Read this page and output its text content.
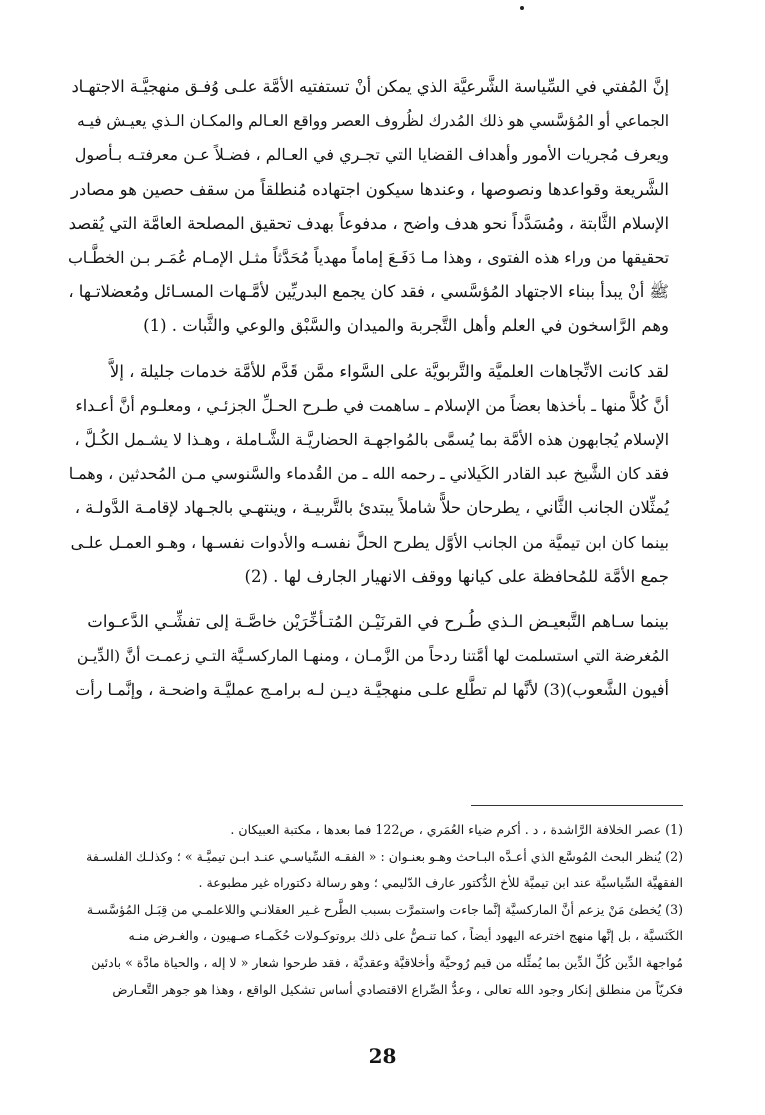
إنَّ المُفتي في السِّياسة الشَّرعيَّة الذي يمكن أنْ تستفتيه الأمَّة علـى وُفـق منهجيَّـة الاجتهـاد
الجماعي أو المُؤسَّسي هو ذلك المُدرك لظُروف العصر وواقع العـالم والمكـان الـذي يعيـش فيـه
ويعرف مُجريات الأمور وأهداف القضايا التي تجـري في العـالم ، فضـلاً عـن معرفتـه بـأصول
الشَّريعة وقواعدها ونصوصها ، وعندها سيكون اجتهاده مُنطلقاً من سقف حصين هو مصادر
الإسلام الثَّابتة ، ومُسَدَّداً نحو هدف واضح ، مدفوعاً بهدف تحقيق المصلحة العامَّة التي يُقصد
تحقيقها من وراء هذه الفتوى ، وهذا مـا دَفَـعَ إماماً مهدياً مُحَدَّثاً مثـل الإمـام عُمَـر بـن الخطَّـاب
ﷺ أنْ يبدأ ببناء الاجتهاد المُؤسَّسي ، فقد كان يجمع البدريِّين لأمَّـهات المسـائل ومُعضلاتـها ،
وهم الرَّاسخون في العلم وأهل التَّجربة والميدان والسَّبْق والوعي والثَّبات . (1)

لقد كانت الاتِّجاهات العلميَّة والتَّربويَّة على السَّواء ممَّن قَدَّم للأمَّة خدمات جليلة ، إلاَّ
أنَّ كُلاًّ منها ـ بأخذها بعضاً من الإسلام ـ ساهمت في طـرح الحـلِّ الجزئـي ، ومعلـوم أنَّ أعـداء
الإسلام يُجابهون هذه الأمَّة بما يُسمَّى بالمُواجهـة الحضاريَّـة الشَّـاملة ، وهـذا لا يشـمل الكُـلَّ ،
فقد كان الشَّيخ عبد القادر الكَيلاني ـ رحمه الله ـ من القُدماء والسَّنوسي مـن المُحدثين ، وهمـا
يُمثِّلان الجانب الثَّاني ، يطرحان حلاًّ شاملاً يبتدئ بالتَّربيـة ، وينتهـي بالجـهاد لإقامـة الدَّولـة ،
بينما كان ابن تيميَّة من الجانب الأوَّل يطرح الحلَّ نفسـه والأدوات نفسـها ، وهـو العمـل علـى
جمع الأمَّة للمُحافظة على كيانها ووقف الانهيار الجارف لها . (2)

بينما سـاهم التَّبعيـض الـذي طُـرح في القرنَيْـن المُتـأخِّرَيْن خاصَّـة إلى تفشِّـي الدَّعـوات
المُغرضة التي استسلمت لها أمَّتنا ردحاً من الزَّمـان ، ومنهـا الماركسـيَّة التـي زعمـت أنَّ (الدِّيـن
أفيون الشَّعوب)(3) لأنَّها لم تطَّلع علـى منهجيَّـة ديـن لـه برامـج عمليَّـة واضحـة ، وإنَّمـا رأت

(1) عصر الخلافة الرَّاشدة ، د . أكرم ضياء العُمَري ، ص122 فما بعدها ، مكتبة العبيكان .

(2) يُنظر البحث المُوسَّع الذي أعـدَّه البـاحث وهـو بعنـوان : « الفقـه السِّياسـي عنـد ابـن تيميَّـة » ؛ وكذلـك الفلسـفة

الفقهيَّة السِّياسيَّة عند ابن تيميَّة للأخ الدُّكتور عارف الدّليمي ؛ وهو رسالة دكتوراه غير مطبوعة .

(3) يُخطئ مَنْ يزعم أنَّ الماركسيَّة إنَّما جاءت واستمرَّت بسبب الطَّرح غـير العقلانـي واللاعلمـي من قِبَـل المُؤسَّسـة

الكَنَسيَّة ، بل إنَّها منهج اخترعه اليهود أيضاً ، كما تنـصُّ على ذلك بروتوكـولات حُكَمـاء صـهيون ، والغـرض منـه

مُواجهة الدِّين كُلِّ الدِّين بما يُمثِّله من قيم رُوحيَّة وأخلاقيَّة وعقديَّة ، فقد طرحوا شعار « لا إله ، والحياة مادَّة » بادئين

فكريّاً من منطلق إنكار وجود الله تعالى ، وعدُّ الصِّراع الاقتصادي أساس تشكيل الواقع ، وهذا هو جوهر التَّعـارض

28
